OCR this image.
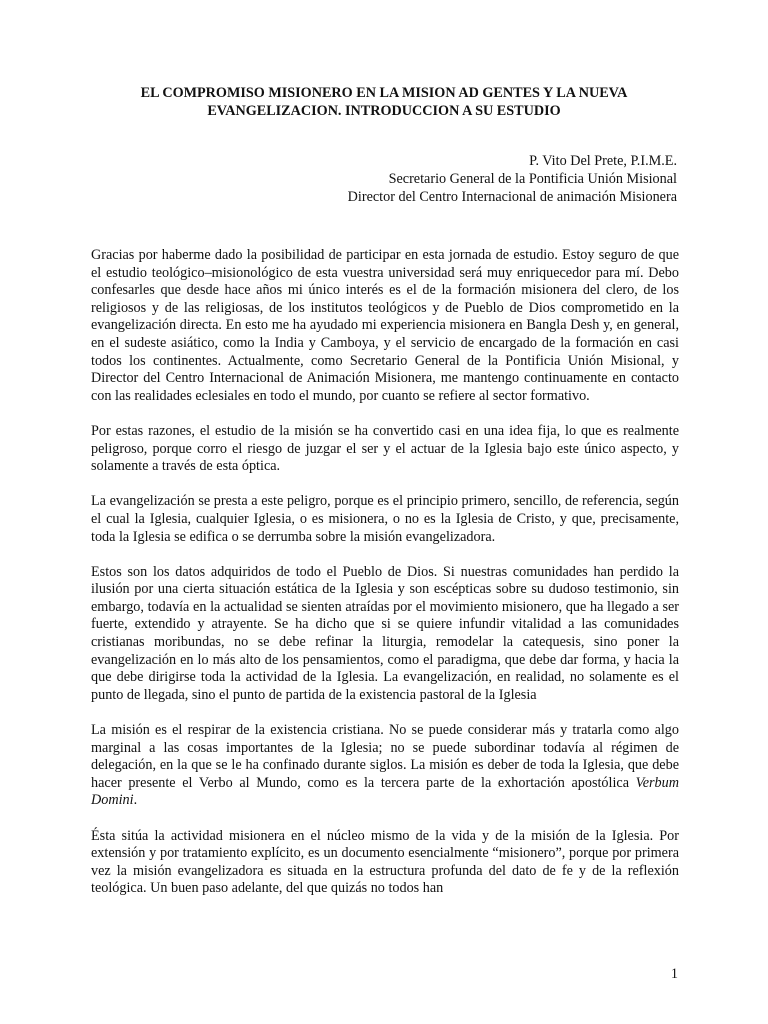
EL COMPROMISO MISIONERO EN LA MISION AD GENTES Y LA NUEVA
EVANGELIZACION. INTRODUCCION A SU ESTUDIO
P. Vito Del Prete, P.I.M.E.
Secretario General de la Pontificia Unión Misional
Director del Centro Internacional de animación Misionera

Gracias por haberme dado la posibilidad de participar en esta jornada de estudio. Estoy seguro de que el estudio teológico–misionológico de esta vuestra universidad será muy enriquecedor para mí. Debo confesarles que desde hace años mi único interés es el de la formación misionera del clero, de los religiosos y de las religiosas, de los institutos teológicos y de Pueblo de Dios comprometido en la evangelización directa. En esto me ha ayudado mi experiencia misionera en Bangla Desh y, en general, en el sudeste asiático, como la India y Camboya, y el servicio de encargado de la formación en casi todos los continentes. Actualmente, como Secretario General de la Pontificia Unión Misional, y Director del Centro Internacional de Animación Misionera, me mantengo continuamente en contacto con las realidades eclesiales en todo el mundo, por cuanto se refiere al sector formativo.

Por estas razones, el estudio de la misión se ha convertido casi en una idea fija, lo que es realmente peligroso, porque corro el riesgo de juzgar el ser y el actuar de la Iglesia bajo este único aspecto, y solamente a través de esta óptica.

La evangelización se presta a este peligro, porque es el principio primero, sencillo, de referencia, según el cual la Iglesia, cualquier Iglesia, o es misionera, o no es la Iglesia de Cristo, y que, precisamente, toda la Iglesia se edifica o se derrumba sobre la misión evangelizadora.

Estos son los datos adquiridos de todo el Pueblo de Dios. Si nuestras comunidades han perdido la ilusión por una cierta situación estática de la Iglesia y son escépticas sobre su dudoso testimonio, sin embargo, todavía en la actualidad se sienten atraídas por el movimiento misionero, que ha llegado a ser fuerte, extendido y atrayente. Se ha dicho que si se quiere infundir vitalidad a las comunidades cristianas moribundas, no se debe refinar la liturgia, remodelar la catequesis, sino poner la evangelización en lo más alto de los pensamientos, como el paradigma, que debe dar forma, y hacia la que debe dirigirse toda la actividad de la Iglesia. La evangelización, en realidad, no solamente es el punto de llegada, sino el punto de partida de la existencia pastoral de la Iglesia

La misión es el respirar de la existencia cristiana. No se puede considerar más y tratarla como algo marginal a las cosas importantes de la Iglesia; no se puede subordinar todavía al régimen de delegación, en la que se le ha confinado durante siglos. La misión es deber de toda la Iglesia, que debe hacer presente el Verbo al Mundo, como es la tercera parte de la exhortación apostólica Verbum Domini.

Ésta sitúa la actividad misionera en el núcleo mismo de la vida y de la misión de la Iglesia. Por extensión y por tratamiento explícito, es un documento esencialmente “misionero”, porque por primera vez la misión evangelizadora es situada en la estructura profunda del dato de fe y de la reflexión teológica. Un buen paso adelante, del que quizás no todos han

1
